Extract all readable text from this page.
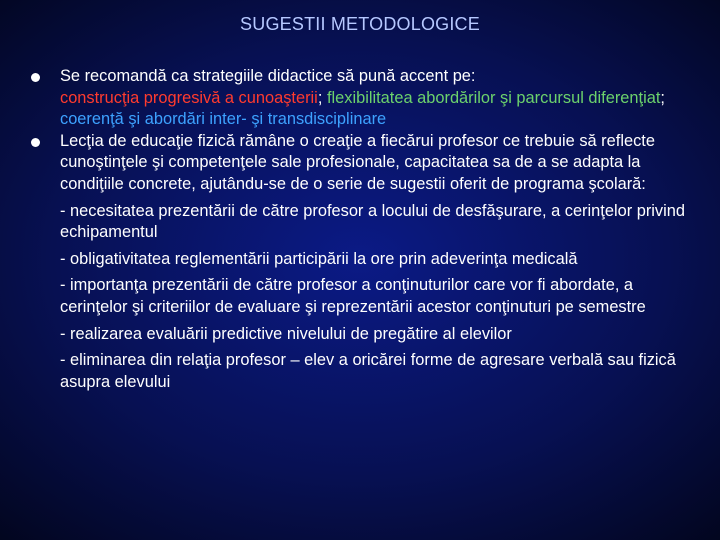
SUGESTII METODOLOGICE
Se recomandă ca strategiile didactice să pună accent pe:
construcţia progresivă a cunoaşterii; flexibilitatea abordărilor şi parcursul diferenţiat; coerenţă şi abordări inter- şi transdisciplinare
Lecţia de educaţie fizică rămâne o creaţie a fiecărui profesor ce trebuie să reflecte cunoştinţele şi competenţele sale profesionale, capacitatea sa de a se adapta la condiţiile concrete, ajutându-se de o serie de sugestii oferit de programa şcolară:
- necesitatea prezentării de către profesor a locului de desfăşurare, a cerinţelor privind echipamentul
- obligativitatea reglementării participării la ore prin adeverinţa medicală
- importanţa prezentării de către profesor a conţinuturilor care vor fi abordate, a cerinţelor şi criteriilor de evaluare şi reprezentării acestor conţinuturi pe semestre
- realizarea evaluării predictive nivelului de pregătire al elevilor
- eliminarea din relaţia profesor – elev a oricărei forme de agresare verbală sau fizică asupra elevului
